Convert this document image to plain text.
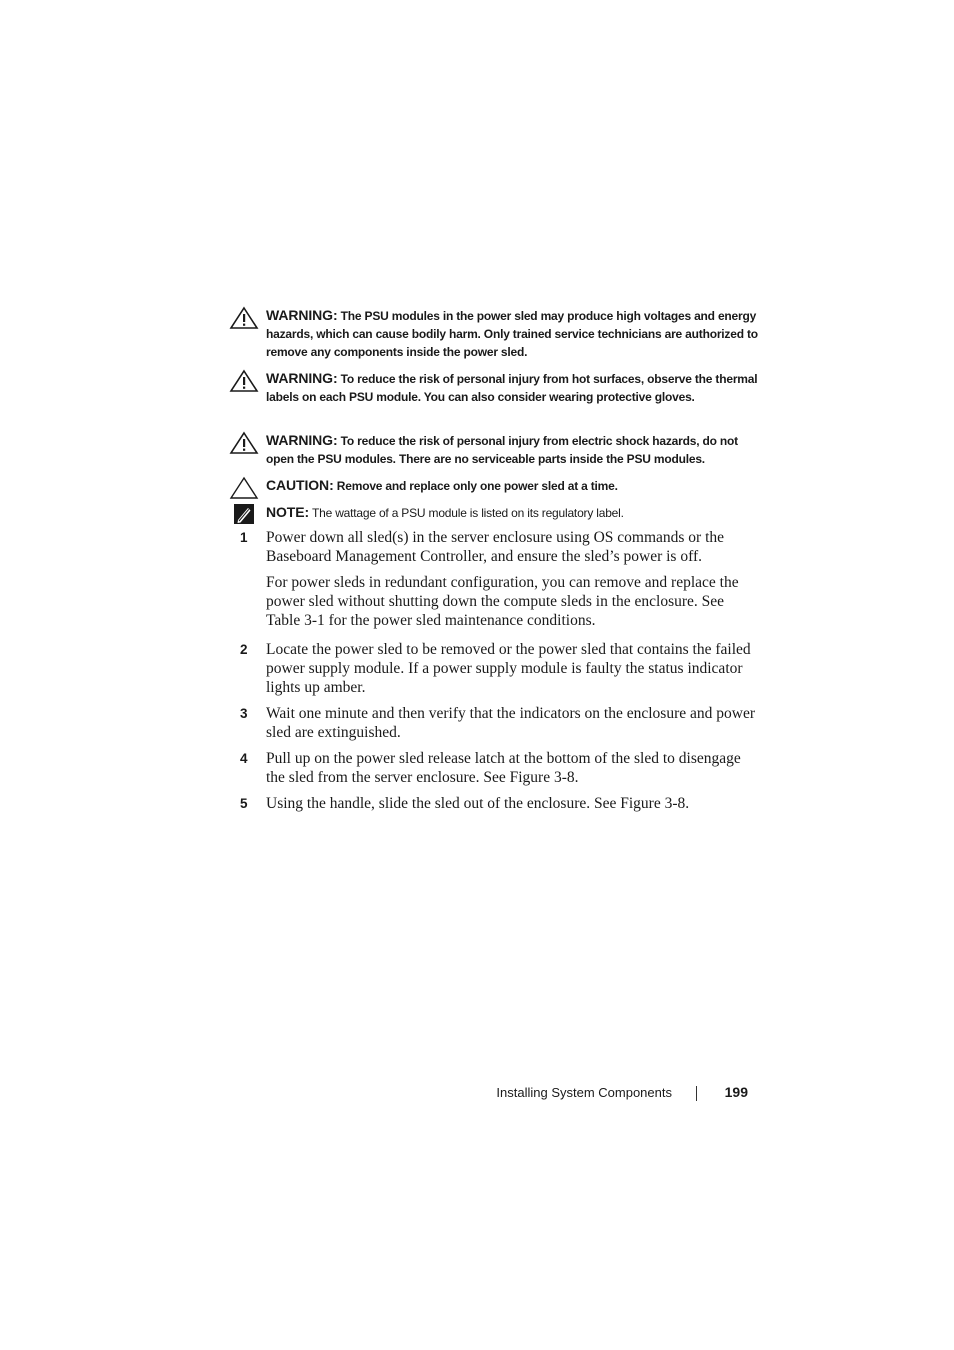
WARNING: The PSU modules in the power sled may produce high voltages and energy hazards, which can cause bodily harm. Only trained service technicians are authorized to remove any components inside the power sled.
WARNING: To reduce the risk of personal injury from hot surfaces, observe the thermal labels on each PSU module. You can also consider wearing protective gloves.
WARNING: To reduce the risk of personal injury from electric shock hazards, do not open the PSU modules. There are no serviceable parts inside the PSU modules.
CAUTION: Remove and replace only one power sled at a time.
NOTE: The wattage of a PSU module is listed on its regulatory label.
1 Power down all sled(s) in the server enclosure using OS commands or the Baseboard Management Controller, and ensure the sled’s power is off.
For power sleds in redundant configuration, you can remove and replace the power sled without shutting down the compute sleds in the enclosure. See Table 3-1 for the power sled maintenance conditions.
2 Locate the power sled to be removed or the power sled that contains the failed power supply module. If a power supply module is faulty the status indicator lights up amber.
3 Wait one minute and then verify that the indicators on the enclosure and power sled are extinguished.
4 Pull up on the power sled release latch at the bottom of the sled to disengage the sled from the server enclosure. See Figure 3-8.
5 Using the handle, slide the sled out of the enclosure. See Figure 3-8.
Installing System Components	199
